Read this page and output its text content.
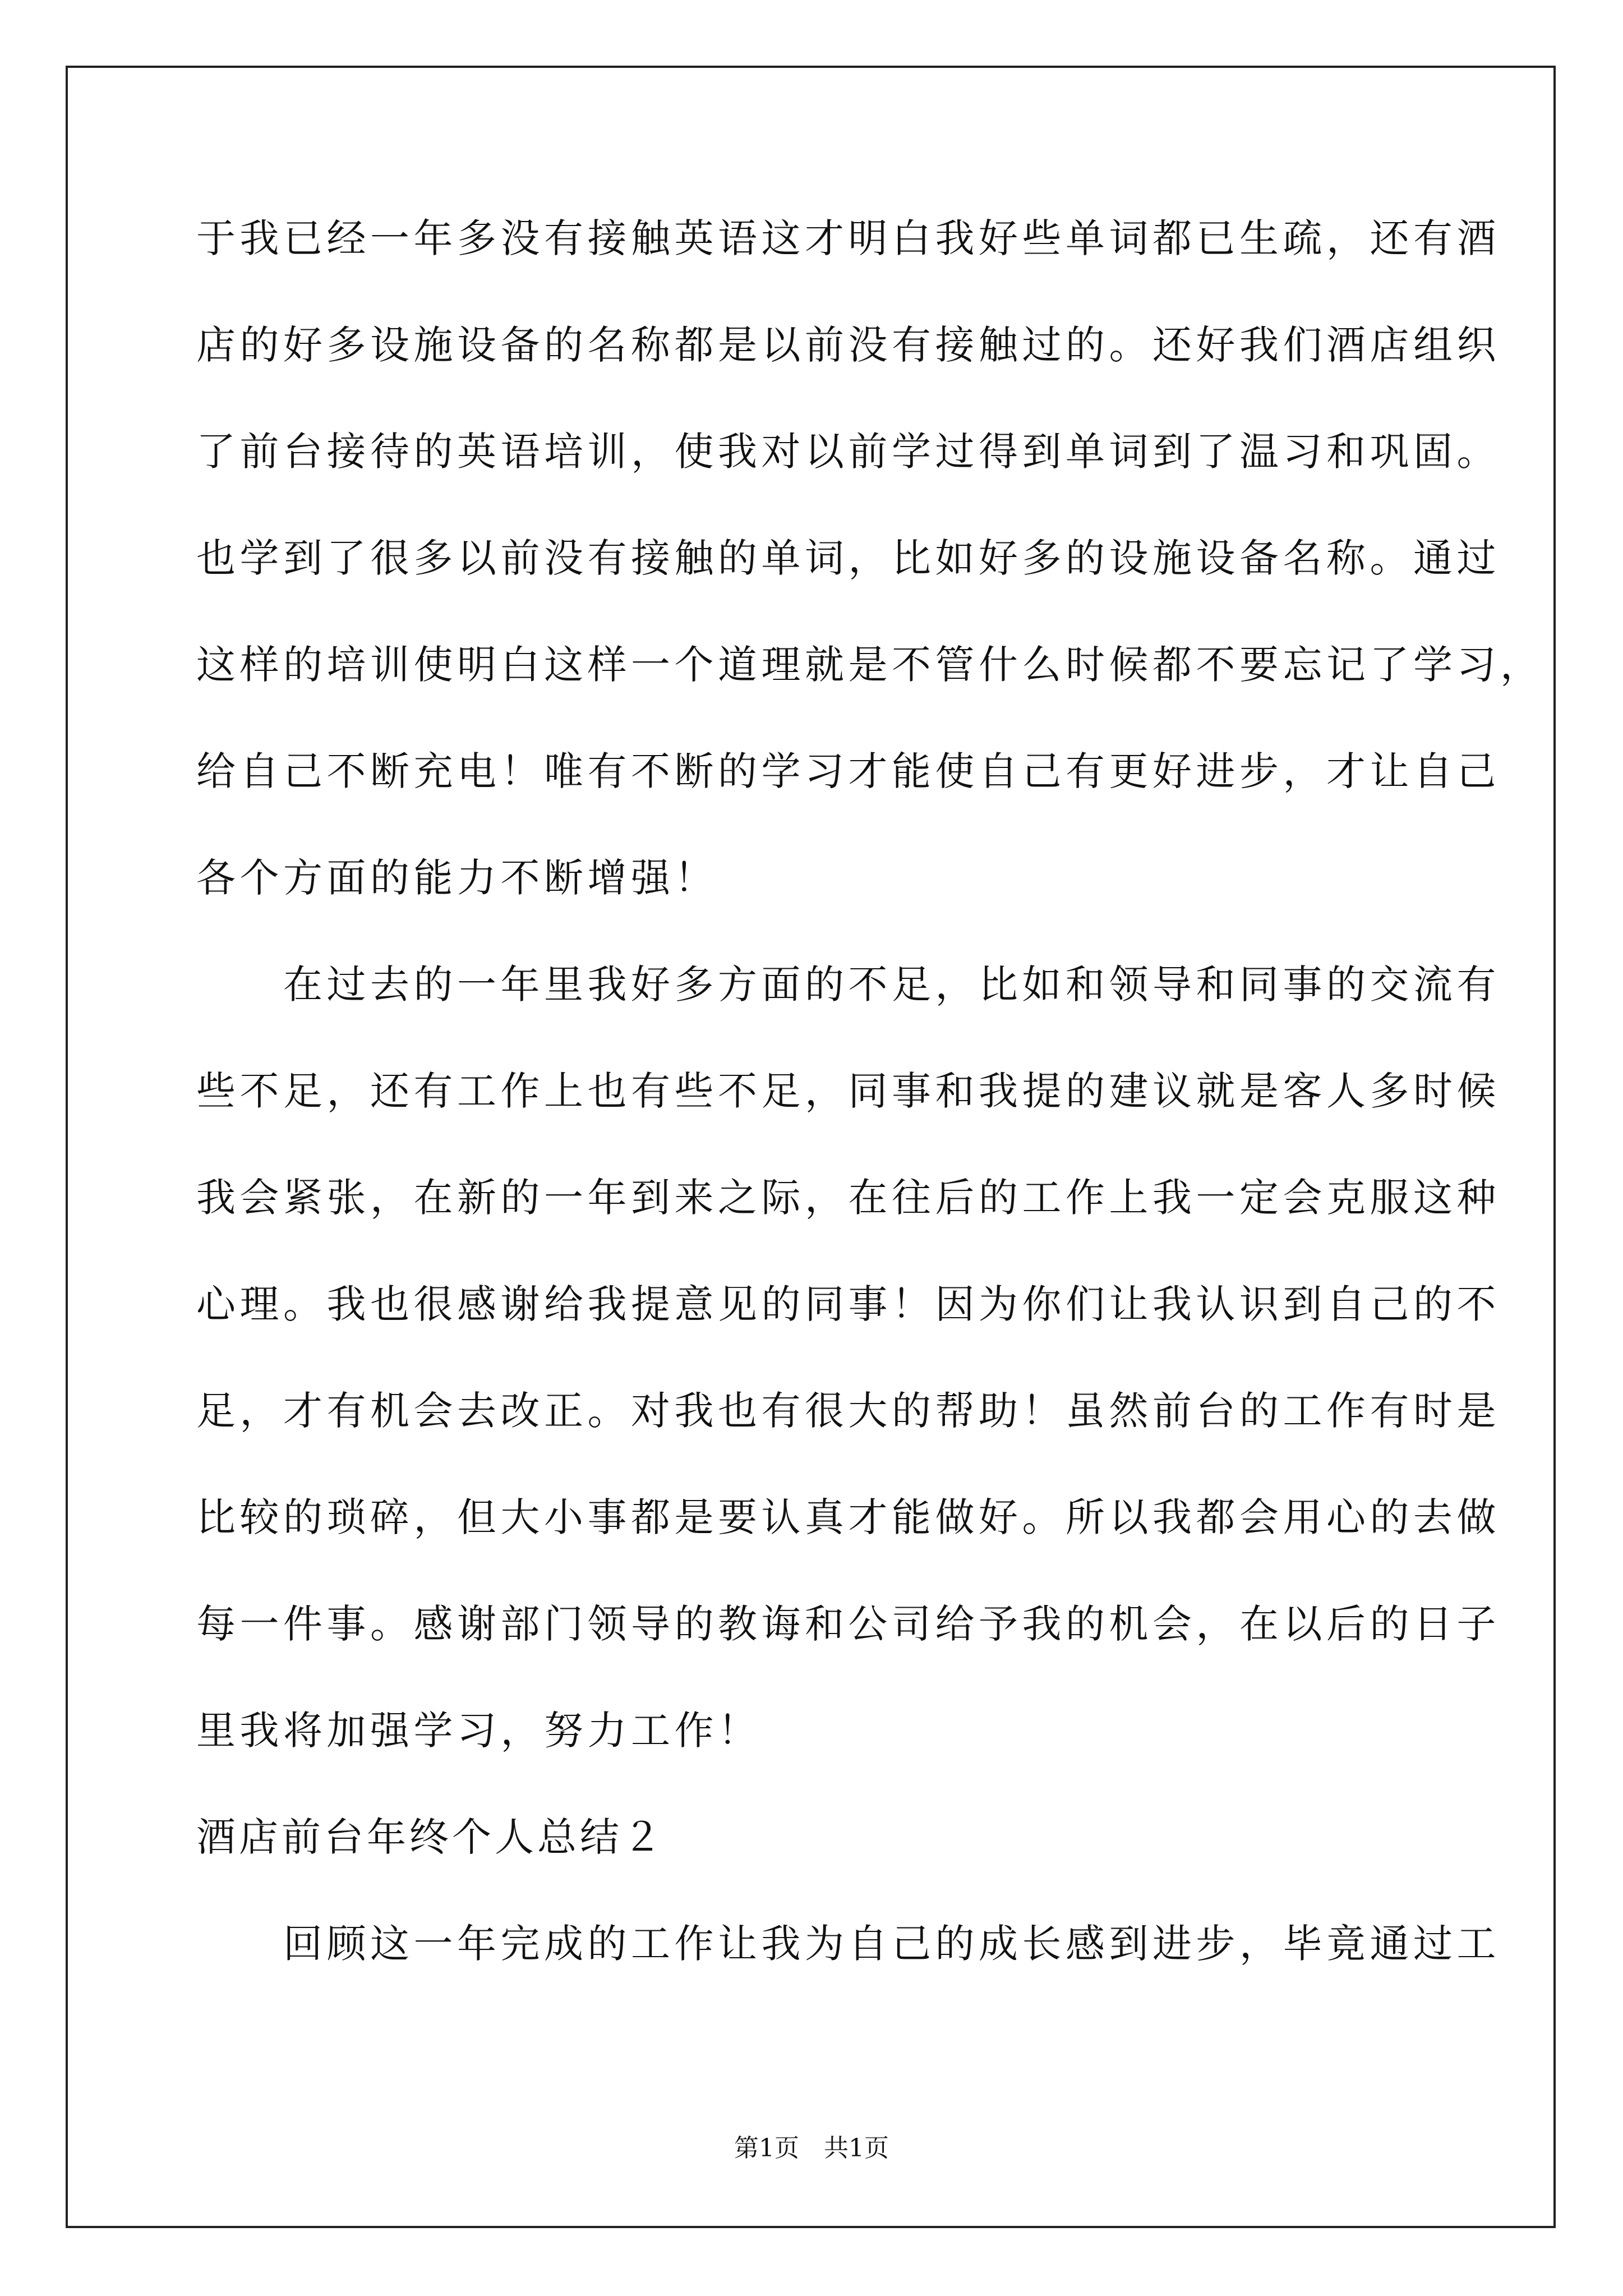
于我已经一年多没有接触英语这才明白我好些单词都已生疏，还有酒
店的好多设施设备的名称都是以前没有接触过的。还好我们酒店组织
了前台接待的英语培训，使我对以前学过得到单词到了温习和巩固。
也学到了很多以前没有接触的单词，比如好多的设施设备名称。通过
这样的培训使明白这样一个道理就是不管什么时候都不要忘记了学习，
给自己不断充电！唯有不断的学习才能使自己有更好进步，才让自己
各个方面的能力不断增强！
在过去的一年里我好多方面的不足，比如和领导和同事的交流有
些不足，还有工作上也有些不足，同事和我提的建议就是客人多时候
我会紧张，在新的一年到来之际，在往后的工作上我一定会克服这种
心理。我也很感谢给我提意见的同事！因为你们让我认识到自己的不
足，才有机会去改正。对我也有很大的帮助！虽然前台的工作有时是
比较的琐碎，但大小事都是要认真才能做好。所以我都会用心的去做
每一件事。感谢部门领导的教诲和公司给予我的机会，在以后的日子
里我将加强学习，努力工作！
酒店前台年终个人总结２
回顾这一年完成的工作让我为自己的成长感到进步，毕竟通过工
第1页　共1页
